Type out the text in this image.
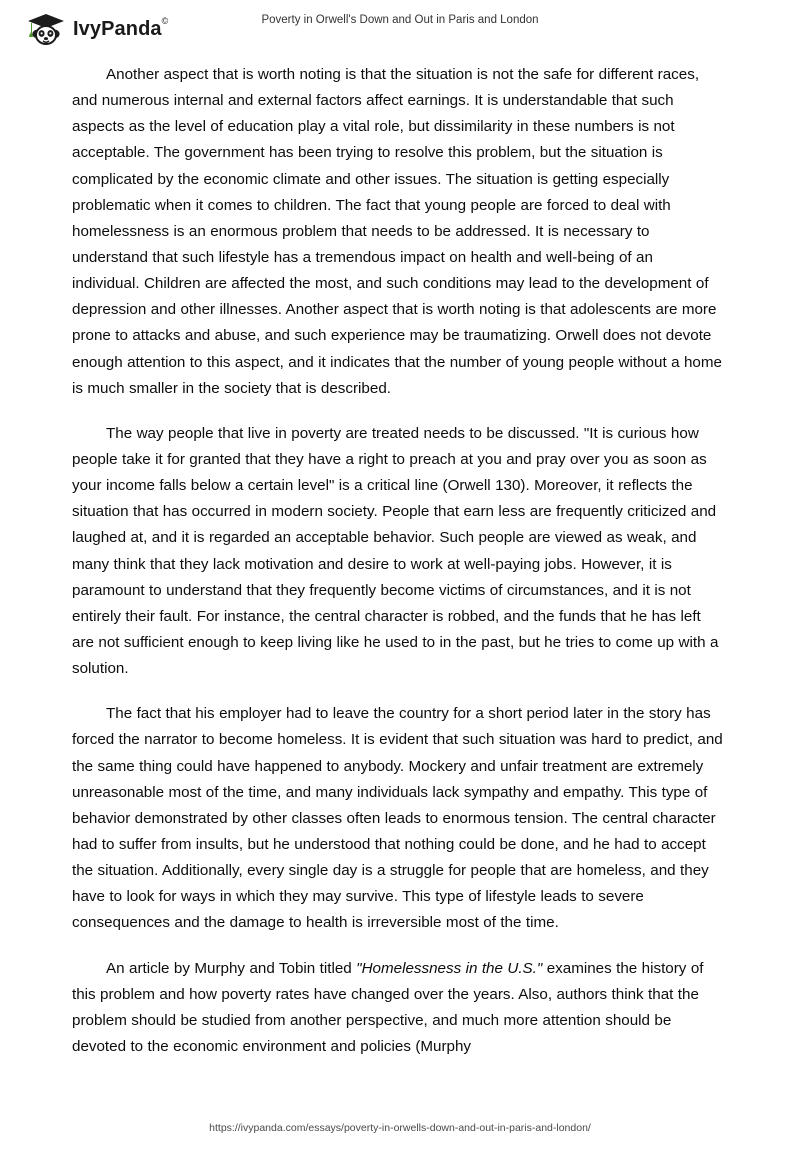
IvyPanda©	Poverty in Orwell's Down and Out in Paris and London

Another aspect that is worth noting is that the situation is not the safe for different races, and numerous internal and external factors affect earnings. It is understandable that such aspects as the level of education play a vital role, but dissimilarity in these numbers is not acceptable. The government has been trying to resolve this problem, but the situation is complicated by the economic climate and other issues. The situation is getting especially problematic when it comes to children. The fact that young people are forced to deal with homelessness is an enormous problem that needs to be addressed. It is necessary to understand that such lifestyle has a tremendous impact on health and well-being of an individual. Children are affected the most, and such conditions may lead to the development of depression and other illnesses. Another aspect that is worth noting is that adolescents are more prone to attacks and abuse, and such experience may be traumatizing. Orwell does not devote enough attention to this aspect, and it indicates that the number of young people without a home is much smaller in the society that is described.

The way people that live in poverty are treated needs to be discussed. "It is curious how people take it for granted that they have a right to preach at you and pray over you as soon as your income falls below a certain level" is a critical line (Orwell 130). Moreover, it reflects the situation that has occurred in modern society. People that earn less are frequently criticized and laughed at, and it is regarded an acceptable behavior. Such people are viewed as weak, and many think that they lack motivation and desire to work at well-paying jobs. However, it is paramount to understand that they frequently become victims of circumstances, and it is not entirely their fault. For instance, the central character is robbed, and the funds that he has left are not sufficient enough to keep living like he used to in the past, but he tries to come up with a solution.

The fact that his employer had to leave the country for a short period later in the story has forced the narrator to become homeless. It is evident that such situation was hard to predict, and the same thing could have happened to anybody. Mockery and unfair treatment are extremely unreasonable most of the time, and many individuals lack sympathy and empathy. This type of behavior demonstrated by other classes often leads to enormous tension. The central character had to suffer from insults, but he understood that nothing could be done, and he had to accept the situation. Additionally, every single day is a struggle for people that are homeless, and they have to look for ways in which they may survive. This type of lifestyle leads to severe consequences and the damage to health is irreversible most of the time.

An article by Murphy and Tobin titled "Homelessness in the U.S." examines the history of this problem and how poverty rates have changed over the years. Also, authors think that the problem should be studied from another perspective, and much more attention should be devoted to the economic environment and policies (Murphy

https://ivypanda.com/essays/poverty-in-orwells-down-and-out-in-paris-and-london/
